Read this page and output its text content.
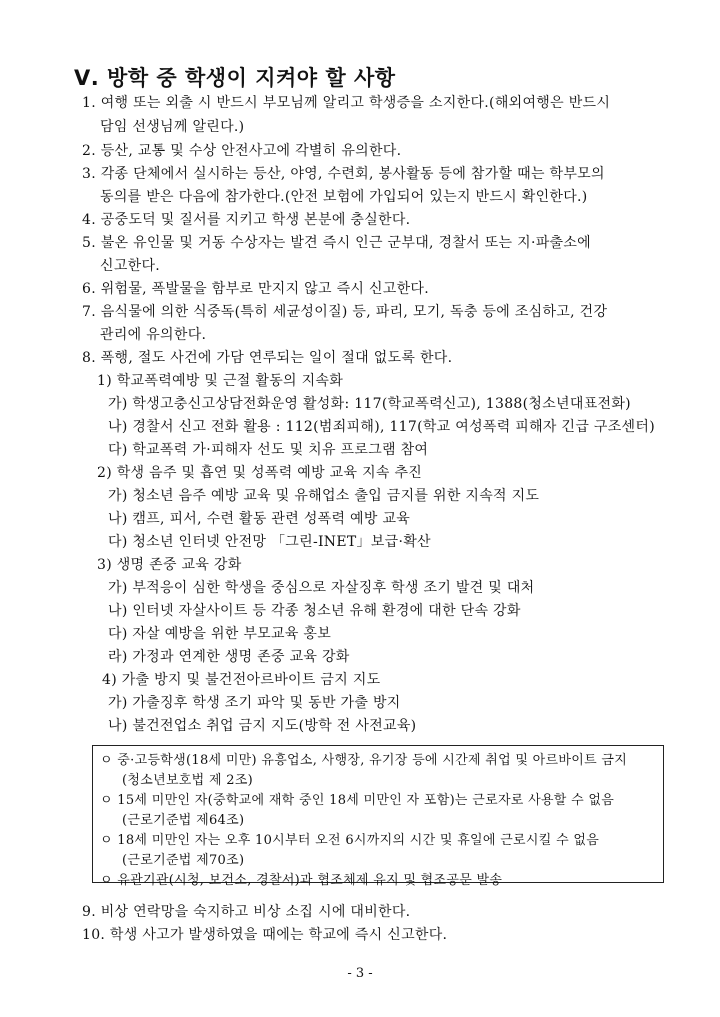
Ⅴ. 방학 중 학생이 지켜야 할 사항
1. 여행 또는 외출 시 반드시 부모님께 알리고 학생증을 소지한다.(해외여행은 반드시
담임 선생님께 알린다.)
2. 등산, 교통 및 수상 안전사고에 각별히 유의한다.
3. 각종 단체에서 실시하는 등산, 야영, 수련회, 봉사활동 등에 참가할 때는 학부모의
동의를 받은 다음에 참가한다.(안전 보험에 가입되어 있는지 반드시 확인한다.)
4. 공중도덕 및 질서를 지키고 학생 본분에 충실한다.
5. 불온 유인물 및 거동 수상자는 발견 즉시 인근 군부대, 경찰서 또는 지·파출소에
신고한다.
6. 위험물, 폭발물을 함부로 만지지 않고 즉시 신고한다.
7. 음식물에 의한 식중독(특히 세균성이질) 등, 파리, 모기, 독충 등에 조심하고, 건강
관리에 유의한다.
8. 폭행, 절도 사건에 가담 연루되는 일이 절대 없도록 한다.
1) 학교폭력예방 및 근절 활동의 지속화
가) 학생고충신고상담전화운영 활성화: 117(학교폭력신고), 1388(청소년대표전화)
나) 경찰서 신고 전화 활용 : 112(범죄피해), 117(학교 여성폭력 피해자 긴급 구조센터)
다) 학교폭력 가·피해자 선도 및 치유 프로그램 참여
2) 학생 음주 및 흡연 및 성폭력 예방 교육 지속 추진
가) 청소년 음주 예방 교육 및 유해업소 출입 금지를 위한 지속적 지도
나) 캠프, 피서, 수련 활동 관련 성폭력 예방 교육
다) 청소년 인터넷 안전망 「그린-ⅠNET」보급·확산
3) 생명 존중 교육 강화
가) 부적응이 심한 학생을 중심으로 자살징후 학생 조기 발견 및 대처
나) 인터넷 자살사이트 등 각종 청소년 유해 환경에 대한 단속 강화
다) 자살 예방을 위한 부모교육 홍보
라) 가정과 연계한 생명 존중 교육 강화
4) 가출 방지 및 불건전아르바이트 금지 지도
가) 가출징후 학생 조기 파악 및 동반 가출 방지
나) 불건전업소 취업 금지 지도(방학 전 사전교육)
ㅇ 중·고등학생(18세 미만) 유흥업소, 사행장, 유기장 등에 시간제 취업 및 아르바이트 금지
(청소년보호법 제 2조)
ㅇ 15세 미만인 자(중학교에 재학 중인 18세 미만인 자 포함)는 근로자로 사용할 수 없음
(근로기준법 제64조)
ㅇ 18세 미만인 자는 오후 10시부터 오전 6시까지의 시간 및 휴일에 근로시킬 수 없음
(근로기준법 제70조)
ㅇ 유관기관(시청, 보건소, 경찰서)과 협조체제 유지 및 협조공문 발송
9. 비상 연락망을 숙지하고 비상 소집 시에 대비한다.
10. 학생 사고가 발생하였을 때에는 학교에 즉시 신고한다.
- 3 -
